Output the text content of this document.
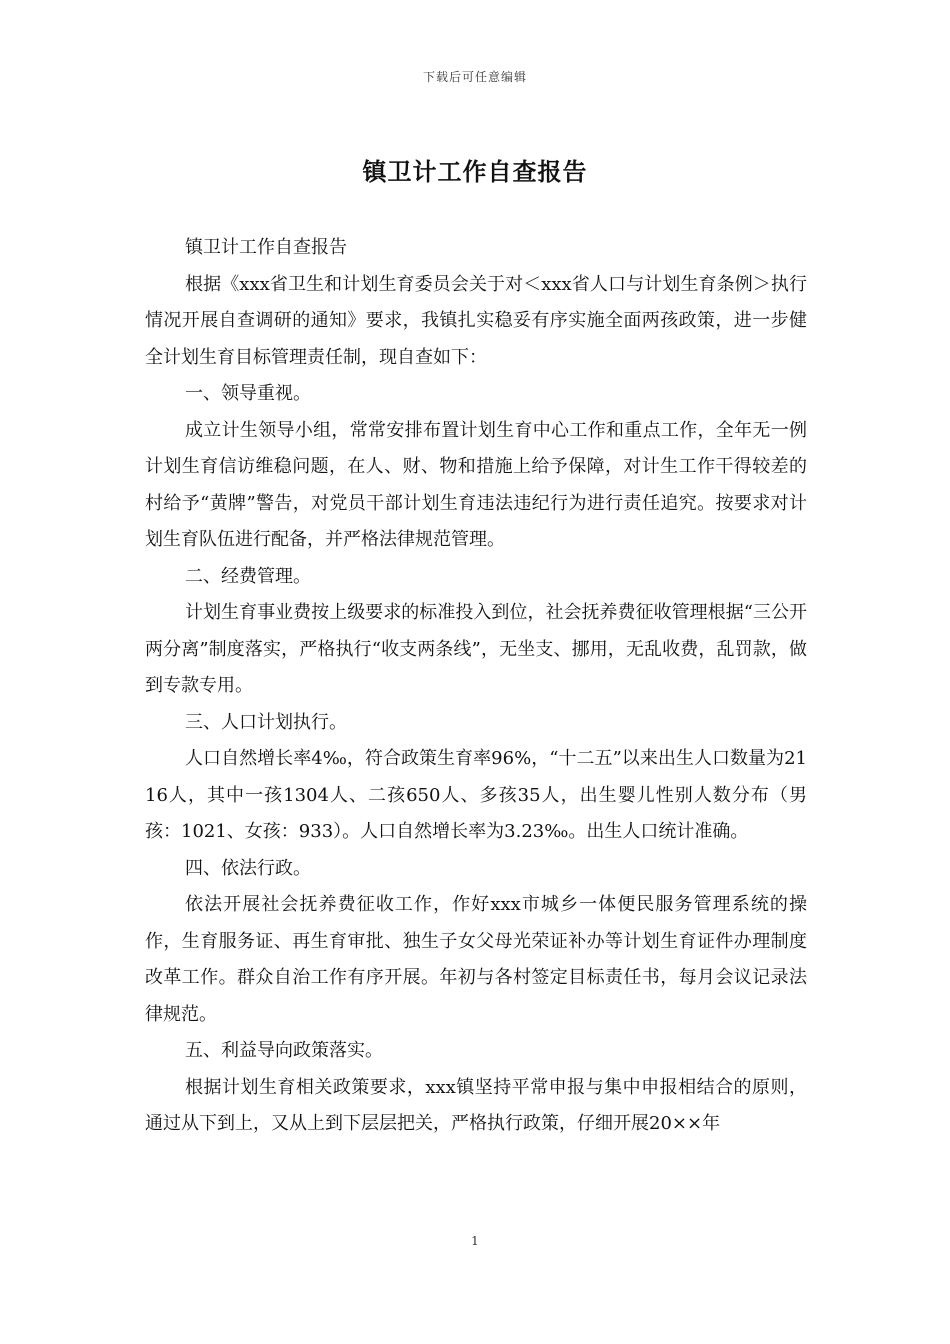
下载后可任意编辑
镇卫计工作自查报告

镇卫计工作自查报告

根据《xxx省卫生和计划生育委员会关于对＜xxx省人口与计划生育条例＞执行情况开展自查调研的通知》要求，我镇扎实稳妥有序实施全面两孩政策，进一步健全计划生育目标管理责任制，现自查如下：

一、领导重视。

成立计生领导小组，常常安排布置计划生育中心工作和重点工作，全年无一例计划生育信访维稳问题，在人、财、物和措施上给予保障，对计生工作干得较差的村给予“黄牌”警告，对党员干部计划生育违法违纪行为进行责任追究。按要求对计划生育队伍进行配备，并严格法律规范管理。

二、经费管理。

计划生育事业费按上级要求的标准投入到位，社会抚养费征收管理根据“三公开两分离”制度落实，严格执行“收支两条线”，无坐支、挪用，无乱收费，乱罚款，做到专款专用。

三、人口计划执行。

人口自然增长率4‰，符合政策生育率96%，“十二五”以来出生人口数量为2116人，其中一孩1304人、二孩650人、多孩35人，出生婴儿性别人数分布（男孩：1021、女孩：933）。人口自然增长率为3.23‰。出生人口统计准确。

四、依法行政。

依法开展社会抚养费征收工作，作好xxx市城乡一体便民服务管理系统的操作，生育服务证、再生育审批、独生子女父母光荣证补办等计划生育证件办理制度改革工作。群众自治工作有序开展。年初与各村签定目标责任书，每月会议记录法律规范。

五、利益导向政策落实。

根据计划生育相关政策要求，xxx镇坚持平常申报与集中申报相结合的原则，通过从下到上，又从上到下层层把关，严格执行政策，仔细开展20××年

1
